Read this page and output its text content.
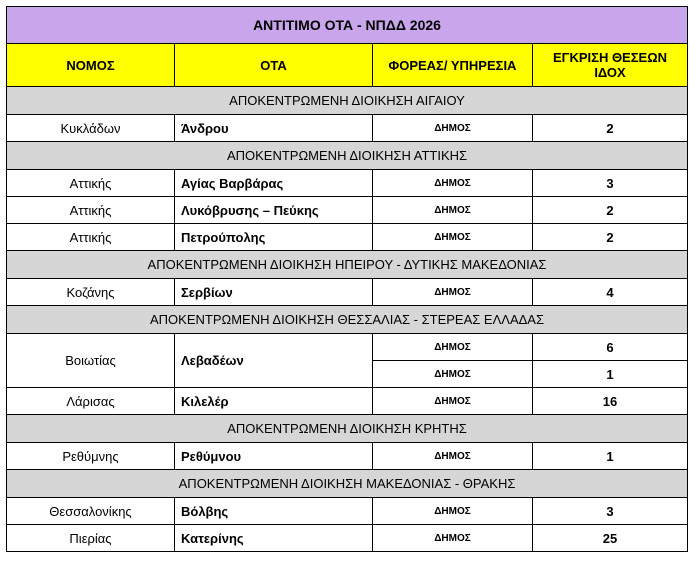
ΑΝΤΙΤΙΜΟ ΟΤΑ - ΝΠΔΔ 2026			
ΝΟΜΟΣ	ΟΤΑ	ΦΟΡΕΑΣ/ ΥΠΗΡΕΣΙΑ	ΕΓΚΡΙΣΗ ΘΕΣΕΩΝ ΙΔΟΧ
ΑΠΟΚΕΝΤΡΩΜΕΝΗ ΔΙΟΙΚΗΣΗ ΑΙΓΑΙΟΥ			
Κυκλάδων	Άνδρου	ΔΗΜΟΣ	2
ΑΠΟΚΕΝΤΡΩΜΕΝΗ ΔΙΟΙΚΗΣΗ ΑΤΤΙΚΗΣ			
Αττικής	Αγίας Βαρβάρας	ΔΗΜΟΣ	3
Αττικής	Λυκόβρυσης – Πεύκης	ΔΗΜΟΣ	2
Αττικής	Πετρούπολης	ΔΗΜΟΣ	2
ΑΠΟΚΕΝΤΡΩΜΕΝΗ ΔΙΟΙΚΗΣΗ ΗΠΕΙΡΟΥ - ΔΥΤΙΚΗΣ ΜΑΚΕΔΟΝΙΑΣ			
Κοζάνης	Σερβίων	ΔΗΜΟΣ	4
ΑΠΟΚΕΝΤΡΩΜΕΝΗ ΔΙΟΙΚΗΣΗ ΘΕΣΣΑΛΙΑΣ - ΣΤΕΡΕΑΣ ΕΛΛΑΔΑΣ			
Βοιωτίας	Λεβαδέων	ΔΗΜΟΣ	6
		ΔΗΜΟΣ	1
Λάρισας	Κιλελέρ	ΔΗΜΟΣ	16
ΑΠΟΚΕΝΤΡΩΜΕΝΗ ΔΙΟΙΚΗΣΗ ΚΡΗΤΗΣ			
Ρεθύμνης	Ρεθύμνου	ΔΗΜΟΣ	1
ΑΠΟΚΕΝΤΡΩΜΕΝΗ ΔΙΟΙΚΗΣΗ ΜΑΚΕΔΟΝΙΑΣ - ΘΡΑΚΗΣ			
Θεσσαλονίκης	Βόλβης	ΔΗΜΟΣ	3
Πιερίας	Κατερίνης	ΔΗΜΟΣ	25
